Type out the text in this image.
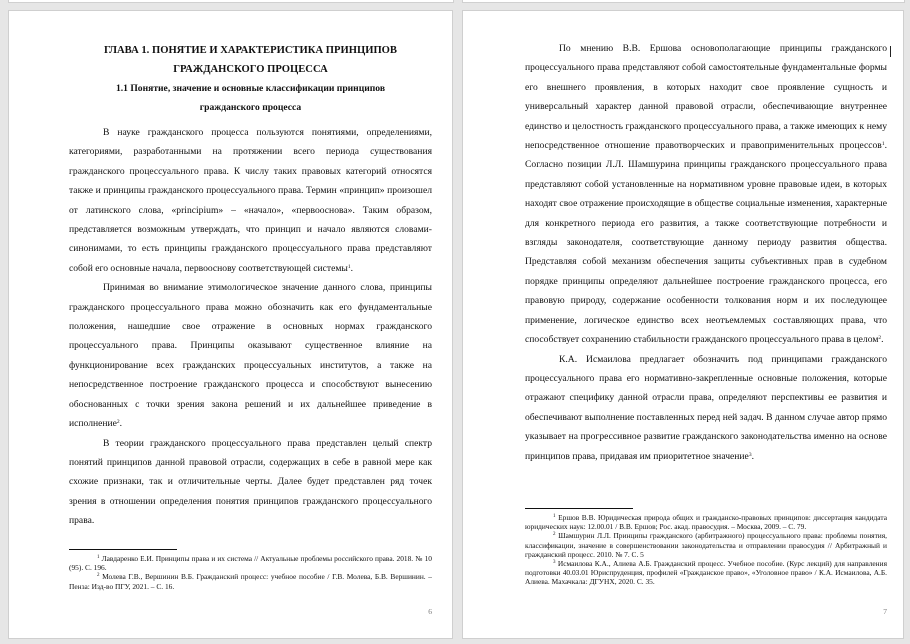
ГЛАВА 1. ПОНЯТИЕ И ХАРАКТЕРИСТИКА ПРИНЦИПОВ
ГРАЖДАНСКОГО ПРОЦЕССА
1.1 Понятие, значение и основные классификации принципов
гражданского процесса

В науке гражданского процесса пользуются понятиями, определениями, категориями, разработанными на протяжении всего периода существования гражданского процессуального права. К числу таких правовых категорий относятся также и принципы гражданского процессуального права. Термин «принцип» произошел от латинского слова, «principium» – «начало», «первооснова». Таким образом, представляется возможным утверждать, что принцип и начало являются словами-синонимами, то есть принципы гражданского процессуального права представляют собой его основные начала, первооснову соответствующей системы$^1$.

Принимая во внимание этимологическое значение данного слова, принципы гражданского процессуального права можно обозначить как его фундаментальные положения, нашедшие свое отражение в основных нормах гражданского процессуального права. Принципы оказывают существенное влияние на функционирование всех гражданских процессуальных институтов, а также на непосредственное построение гражданского процесса и способствуют вынесению обоснованных с точки зрения закона решений и их дальнейшее приведение в исполнение$^2$.

В теории гражданского процессуального права представлен целый спектр понятий принципов данной правовой отрасли, содержащих в себе в равной мере как схожие признаки, так и отличительные черты. Далее будет представлен ряд точек зрения в отношении определения понятия принципов гражданского процессуального права.

$^1$ Лавдаренко Е.И. Принципы права и их система // Актуальные проблемы российского права. 2018. № 10 (95). С. 196.

$^2$ Молева Г.В., Вершинин В.Б. Гражданский процесс: учебное пособие / Г.В. Молева, Б.В. Вершинин. – Пенза: Изд-во ПГУ, 2021. – С. 16.

6

По мнению В.В. Ершова основополагающие принципы гражданского процессуального права представляют собой самостоятельные фундаментальные формы его внешнего проявления, в которых находит свое проявление сущность и универсальный характер данной правовой отрасли, обеспечивающие внутреннее единство и целостность гражданского процессуального права, а также имеющих к нему непосредственное отношение правотворческих и правоприменительных процессов$^1$. Согласно позиции Л.Л. Шамшурина принципы гражданского процессуального права представляют собой установленные на нормативном уровне правовые идеи, в которых находят свое отражение происходящие в обществе социальные изменения, характерные для конкретного периода его развития, а также соответствующие потребности и взгляды законодателя, соответствующие данному периоду развития общества. Представляя собой механизм обеспечения защиты субъективных прав в судебном порядке принципы определяют дальнейшее построение гражданского процесса, его правовую природу, содержание особенности толкования норм и их последующее применение, логическое единство всех неотъемлемых составляющих права, что способствует сохранению стабильности гражданского процессуального права в целом$^2$.

К.А. Исмаилова предлагает обозначить под принципами гражданского процессуального права его нормативно-закрепленные основные положения, которые отражают специфику данной отрасли права, определяют перспективы ее развития и обеспечивают выполнение поставленных перед ней задач. В данном случае автор прямо указывает на прогрессивное развитие гражданского законодательства именно на основе принципов права, придавая им приоритетное значение$^3$.

$^1$ Ершов В.В. Юридическая природа общих и гражданско-правовых принципов: диссертация кандидата юридических наук: 12.00.01 / В.В. Ершов; Рос. акад. правосудия. – Москва, 2009. – С. 79.

$^2$ Шамшурин Л.Л. Принципы гражданского (арбитражного) процессуального права: проблемы понятия, классификации, значение в совершенствовании законодательства и отправлении правосудия // Арбитражный и гражданский процесс. 2010. № 7. С. 5

$^3$ Исмаилова К.А., Алиева А.Б. Гражданский процесс. Учебное пособие. (Курс лекций) для направления подготовки 40.03.01 Юриспруденция, профилей «Гражданское право», «Уголовное право» / К.А. Исмаилова, А.Б. Алиева. Махачкала: ДГУНХ, 2020. С. 35.

7
